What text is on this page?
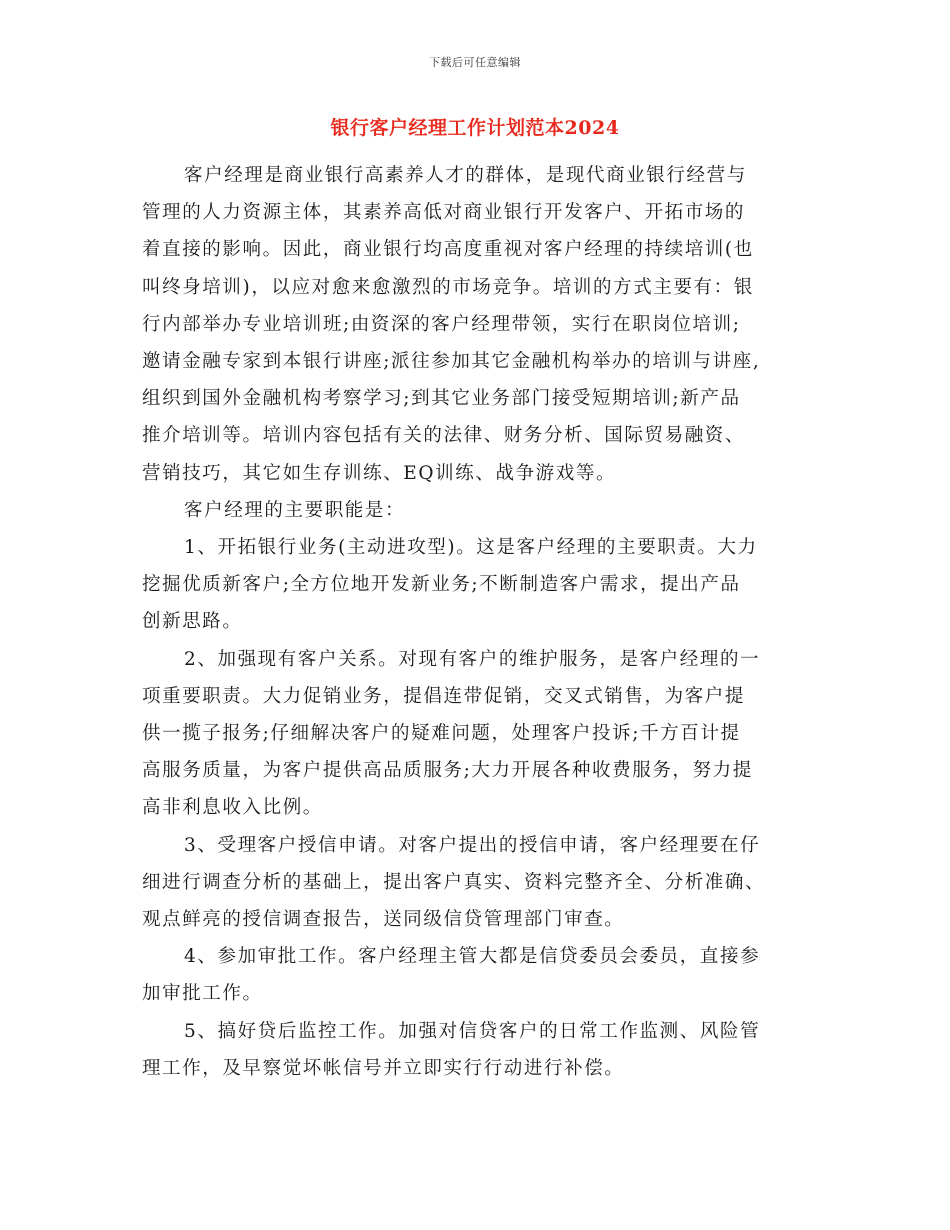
下载后可任意编辑
银行客户经理工作计划范本2024
客户经理是商业银行高素养人才的群体，是现代商业银行经营与
管理的人力资源主体，其素养高低对商业银行开发客户、开拓市场的
着直接的影响。因此，商业银行均高度重视对客户经理的持续培训(也
叫终身培训)，以应对愈来愈激烈的市场竞争。培训的方式主要有：银
行内部举办专业培训班;由资深的客户经理带领，实行在职岗位培训;
邀请金融专家到本银行讲座;派往参加其它金融机构举办的培训与讲座,
组织到国外金融机构考察学习;到其它业务部门接受短期培训;新产品
推介培训等。培训内容包括有关的法律、财务分析、国际贸易融资、
营销技巧，其它如生存训练、EQ训练、战争游戏等。
客户经理的主要职能是：
1、开拓银行业务(主动进攻型)。这是客户经理的主要职责。大力
挖掘优质新客户;全方位地开发新业务;不断制造客户需求，提出产品
创新思路。
2、加强现有客户关系。对现有客户的维护服务，是客户经理的一
项重要职责。大力促销业务，提倡连带促销，交叉式销售，为客户提
供一揽子报务;仔细解决客户的疑难问题，处理客户投诉;千方百计提
高服务质量，为客户提供高品质服务;大力开展各种收费服务，努力提
高非利息收入比例。
3、受理客户授信申请。对客户提出的授信申请，客户经理要在仔
细进行调查分析的基础上，提出客户真实、资料完整齐全、分析准确、
观点鲜亮的授信调查报告，送同级信贷管理部门审查。
4、参加审批工作。客户经理主管大都是信贷委员会委员，直接参
加审批工作。
5、搞好贷后监控工作。加强对信贷客户的日常工作监测、风险管
理工作，及早察觉坏帐信号并立即实行行动进行补偿。
